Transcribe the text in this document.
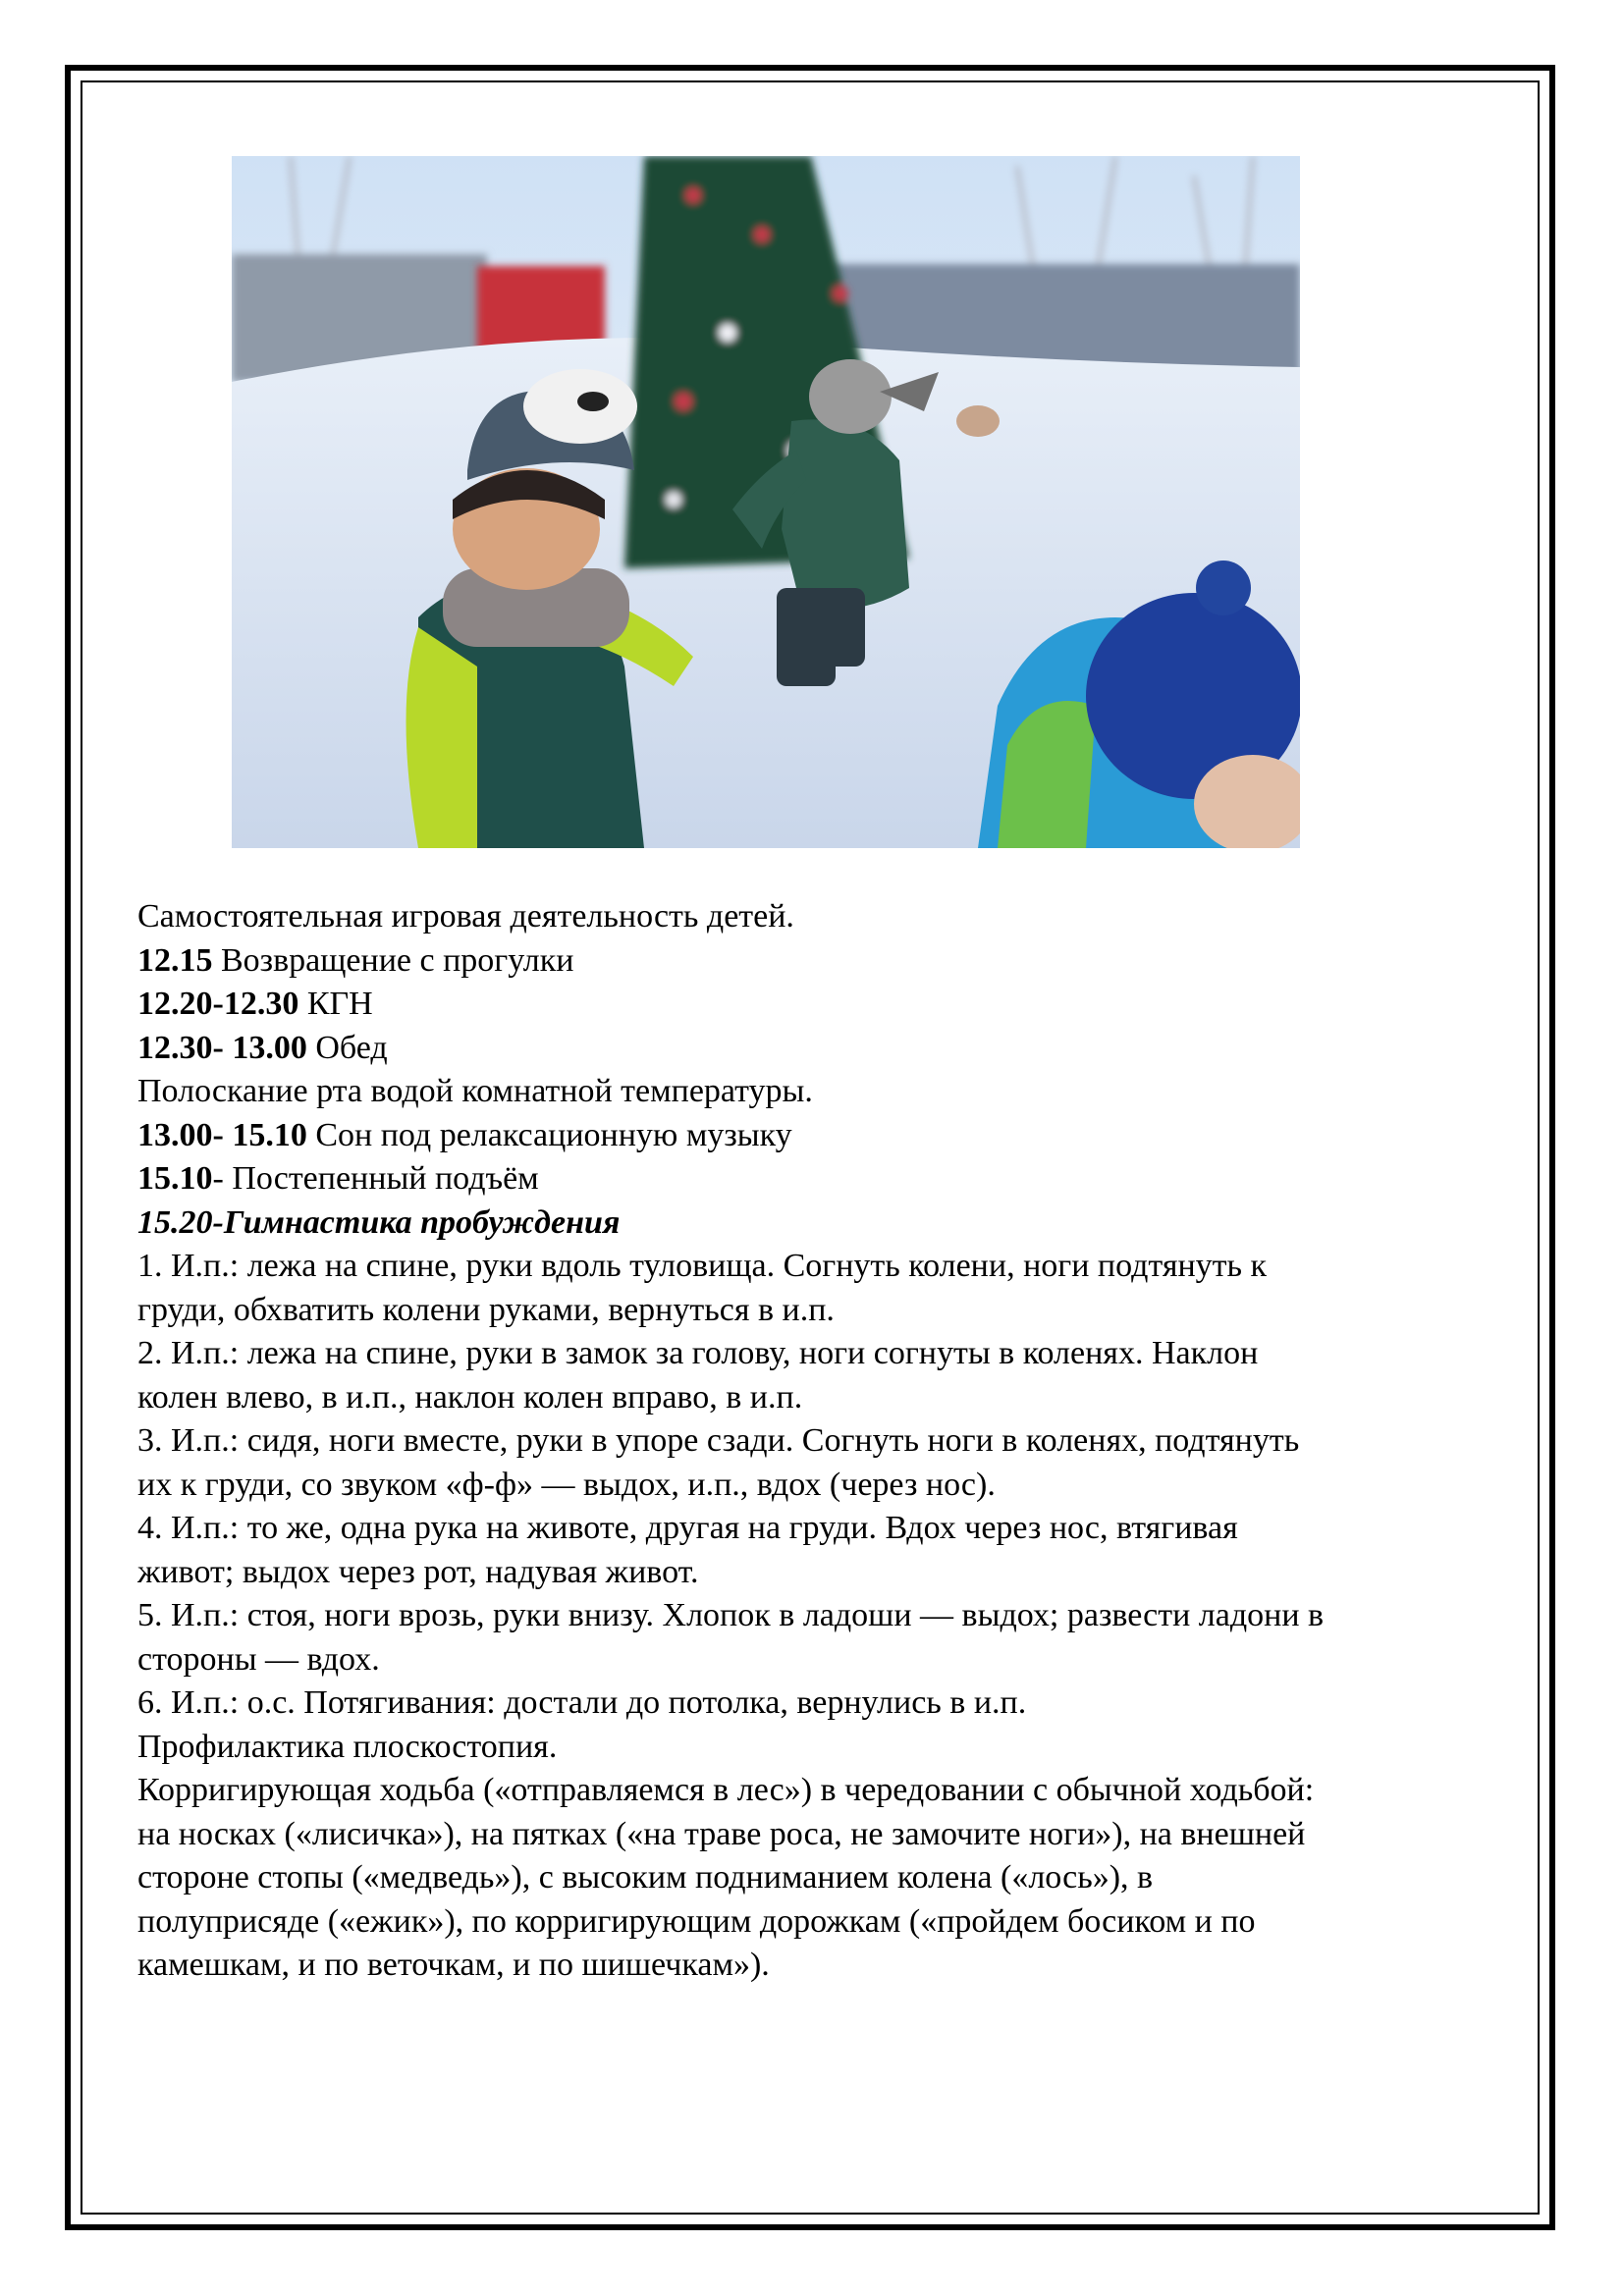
Самостоятельная игровая деятельность детей.

12.15 Возвращение с прогулки

12.20-12.30 КГН

12.30- 13.00 Обед

Полоскание рта водой комнатной температуры.

13.00- 15.10 Сон под релаксационную музыку

15.10- Постепенный подъём

15.20-Гимнастика пробуждения

1. И.п.: лежа на спине, руки вдоль туловища. Согнуть колени, ноги подтянуть к

груди, обхватить колени руками, вернуться в и.п.

2. И.п.: лежа на спине, руки в замок за голову, ноги согнуты в коленях. Наклон

колен влево, в и.п., наклон колен вправо, в и.п.

3. И.п.: сидя, ноги вместе, руки в упоре сзади. Согнуть ноги в коленях, подтянуть

их к груди, со звуком «ф-ф» — выдох, и.п., вдох (через нос).

4. И.п.: то же, одна рука на животе, другая на груди. Вдох через нос, втягивая

живот; выдох через рот, надувая живот.

5. И.п.: стоя, ноги врозь, руки внизу. Хлопок в ладоши — выдох; развести ладони в

стороны — вдох.

6. И.п.: о.с. Потягивания: достали до потолка, вернулись в и.п.

Профилактика плоскостопия.

Корригирующая ходьба («отправляемся в лес») в чередовании с обычной ходьбой:

на носках («лисичка»), на пятках («на траве роса, не замочите ноги»), на внешней

стороне стопы («медведь»), с высоким подниманием колена («лось»), в

полуприсяде («ежик»), по корригирующим дорожкам («пройдем босиком и по

камешкам, и по веточкам, и по шишечкам»).
